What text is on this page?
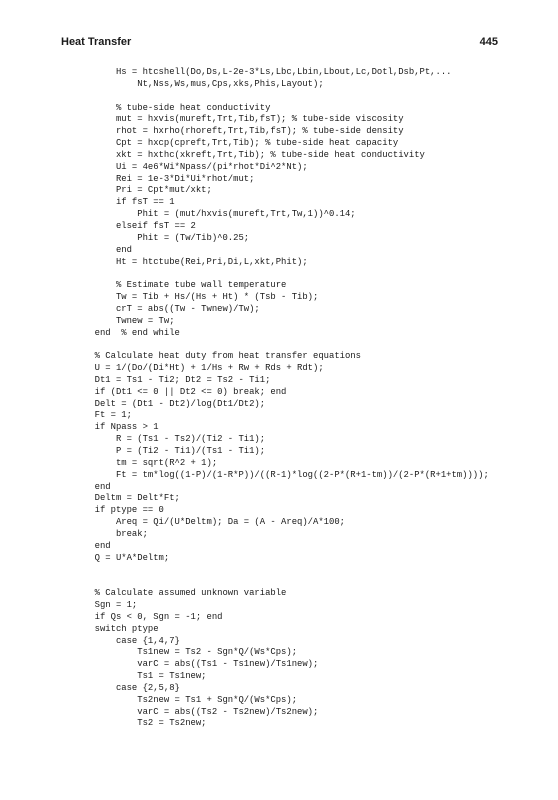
Heat Transfer	445
Hs = htcshell(Do,Ds,L-2e-3*Ls,Lbc,Lbin,Lbout,Lc,Dotl,Dsb,Pt,...
Nt,Nss,Ws,mus,Cps,xks,Phis,Layout);
% tube-side heat conductivity
mut = hxvis(mureft,Trt,Tib,fsT); % tube-side viscosity
rhot = hxrho(rhoreft,Trt,Tib,fsT); % tube-side density
Cpt = hxcp(cpreft,Trt,Tib); % tube-side heat capacity
xkt = hxthc(xkreft,Trt,Tib); % tube-side heat conductivity
Ui = 4e6*Wi*Npass/(pi*rhot*Di^2*Nt);
Rei = 1e-3*Di*Ui*rhot/mut;
Pri = Cpt*mut/xkt;
if fsT == 1
Phit = (mut/hxvis(mureft,Trt,Tw,1))^0.14;
elseif fsT == 2
Phit = (Tw/Tib)^0.25;
end
Ht = htctube(Rei,Pri,Di,L,xkt,Phit);
% Estimate tube wall temperature
Tw = Tib + Hs/(Hs + Ht) * (Tsb - Tib);
crT = abs((Tw - Twnew)/Tw);
Twnew = Tw;
end  % end while
% Calculate heat duty from heat transfer equations
U = 1/(Do/(Di*Ht) + 1/Hs + Rw + Rds + Rdt);
Dt1 = Ts1 - Ti2; Dt2 = Ts2 - Ti1;
if (Dt1 <= 0 || Dt2 <= 0) break; end
Delt = (Dt1 - Dt2)/log(Dt1/Dt2);
Ft = 1;
if Npass > 1
R = (Ts1 - Ts2)/(Ti2 - Ti1);
P = (Ti2 - Ti1)/(Ts1 - Ti1);
tm = sqrt(R^2 + 1);
Ft = tm*log((1-P)/(1-R*P))/((R-1)*log((2-P*(R+1-tm))/(2-P*(R+1+tm))));
end
Deltm = Delt*Ft;
if ptype == 0
Areq = Qi/(U*Deltm); Da = (A - Areq)/A*100;
break;
end
Q = U*A*Deltm;
% Calculate assumed unknown variable
Sgn = 1;
if Qs < 0, Sgn = -1; end
switch ptype
case {1,4,7}
Ts1new = Ts2 - Sgn*Q/(Ws*Cps);
varC = abs((Ts1 - Ts1new)/Ts1new);
Ts1 = Ts1new;
case {2,5,8}
Ts2new = Ts1 + Sgn*Q/(Ws*Cps);
varC = abs((Ts2 - Ts2new)/Ts2new);
Ts2 = Ts2new;
